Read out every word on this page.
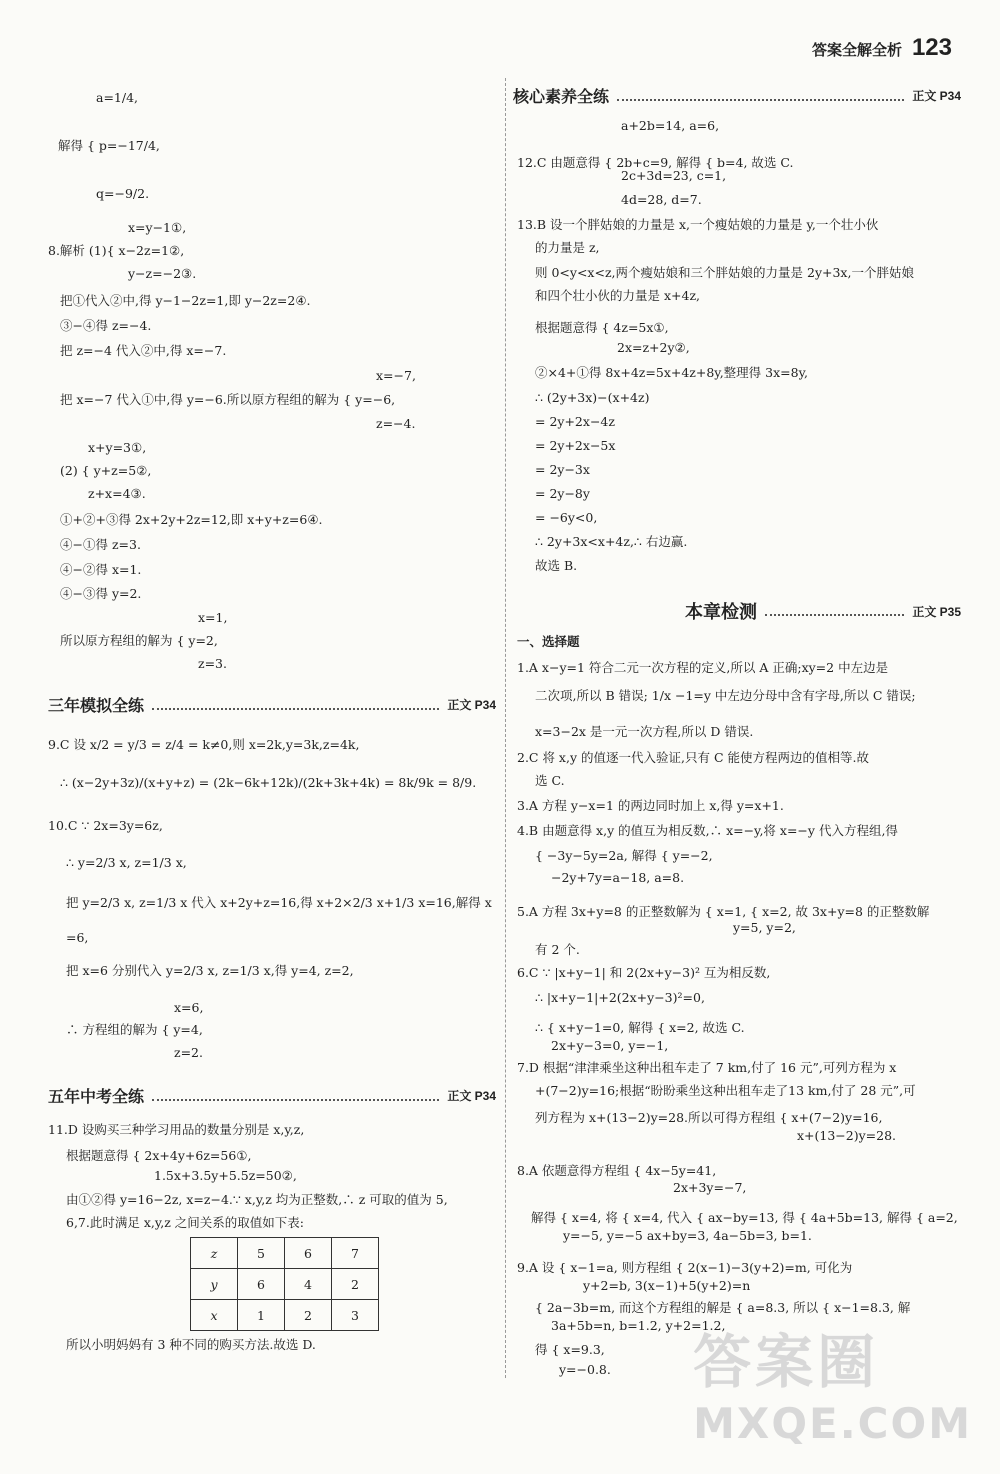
答案全解全析 123
a=1/4,
解得 { p=−17/4,
q=−9/2.
x=y−1①,
8.解析 (1){ x−2z=1②,
y−z=−2③.
把①代入②中,得 y−1−2z=1,即 y−2z=2④.
③−④得 z=−4.
把 z=−4 代入②中,得 x=−7.
x=−7,
把 x=−7 代入①中,得 y=−6.所以原方程组的解为 { y=−6,
z=−4.
x+y=3①,
(2) { y+z=5②,
z+x=4③.
①+②+③得 2x+2y+2z=12,即 x+y+z=6④.
④−①得 z=3.
④−②得 x=1.
④−③得 y=2.
x=1,
所以原方程组的解为 { y=2,
z=3.
三年模拟全练	正文 P34
9.C 设 x/2 = y/3 = z/4 = k≠0,则 x=2k,y=3k,z=4k,
∴ (x−2y+3z)/(x+y+z) = (2k−6k+12k)/(2k+3k+4k) = 8k/9k = 8/9.
10.C ∵ 2x=3y=6z,
∴ y=2/3 x, z=1/3 x,
把 y=2/3 x, z=1/3 x 代入 x+2y+z=16,得 x+2×2/3 x+1/3 x=16,解得 x
=6,
把 x=6 分别代入 y=2/3 x, z=1/3 x,得 y=4, z=2,
x=6,
∴ 方程组的解为 { y=4,
z=2.
五年中考全练	正文 P34
11.D 设购买三种学习用品的数量分别是 x,y,z,
根据题意得 { 2x+4y+6z=56①,
1.5x+3.5y+5.5z=50②,
由①②得 y=16−2z, x=z−4.∵ x,y,z 均为正整数,∴ z 可取的值为 5,
6,7.此时满足 x,y,z 之间关系的取值如下表:
z	5	6	7
y	6	4	2
x	1	2	3
所以小明妈妈有 3 种不同的购买方法.故选 D.
核心素养全练	正文 P34
a+2b=14, a=6,
12.C 由题意得 { 2b+c=9, 解得 { b=4, 故选 C.
2c+3d=23, c=1,
4d=28, d=7.
13.B 设一个胖姑娘的力量是 x,一个瘦姑娘的力量是 y,一个壮小伙
的力量是 z,
则 0<y<x<z,两个瘦姑娘和三个胖姑娘的力量是 2y+3x,一个胖姑娘
和四个壮小伙的力量是 x+4z,
根据题意得 { 4z=5x①,
2x=z+2y②,
②×4+①得 8x+4z=5x+4z+8y,整理得 3x=8y,
∴ (2y+3x)−(x+4z)
= 2y+2x−4z
= 2y+2x−5x
= 2y−3x
= 2y−8y
= −6y<0,
∴ 2y+3x<x+4z,∴ 右边赢.
故选 B.
本章检测	正文 P35
一、选择题
1.A x−y=1 符合二元一次方程的定义,所以 A 正确;xy=2 中左边是
二次项,所以 B 错误; 1/x −1=y 中左边分母中含有字母,所以 C 错误;
x=3−2x 是一元一次方程,所以 D 错误.
2.C 将 x,y 的值逐一代入验证,只有 C 能使方程两边的值相等.故
选 C.
3.A 方程 y−x=1 的两边同时加上 x,得 y=x+1.
4.B 由题意得 x,y 的值互为相反数,∴ x=−y,将 x=−y 代入方程组,得
{ −3y−5y=2a, 解得 { y=−2,
−2y+7y=a−18, a=8.
5.A 方程 3x+y=8 的正整数解为 { x=1, { x=2, 故 3x+y=8 的正整数解
y=5, y=2,
有 2 个.
6.C ∵ |x+y−1| 和 2(2x+y−3)² 互为相反数,
∴ |x+y−1|+2(2x+y−3)²=0,
∴ { x+y−1=0, 解得 { x=2, 故选 C.
2x+y−3=0, y=−1,
7.D 根据“津津乘坐这种出租车走了 7 km,付了 16 元”,可列方程为 x
+(7−2)y=16;根据“盼盼乘坐这种出租车走了13 km,付了 28 元”,可
列方程为 x+(13−2)y=28.所以可得方程组 { x+(7−2)y=16,
x+(13−2)y=28.
8.A 依题意得方程组 { 4x−5y=41,
2x+3y=−7,
解得 { x=4, 将 { x=4, 代入 { ax−by=13, 得 { 4a+5b=13, 解得 { a=2,
y=−5, y=−5 ax+by=3, 4a−5b=3, b=1.
9.A 设 { x−1=a, 则方程组 { 2(x−1)−3(y+2)=m, 可化为
y+2=b, 3(x−1)+5(y+2)=n
{ 2a−3b=m, 而这个方程组的解是 { a=8.3, 所以 { x−1=8.3, 解
3a+5b=n, b=1.2, y+2=1.2,
得 { x=9.3,
y=−0.8. 答案圈
MXQE.COM
